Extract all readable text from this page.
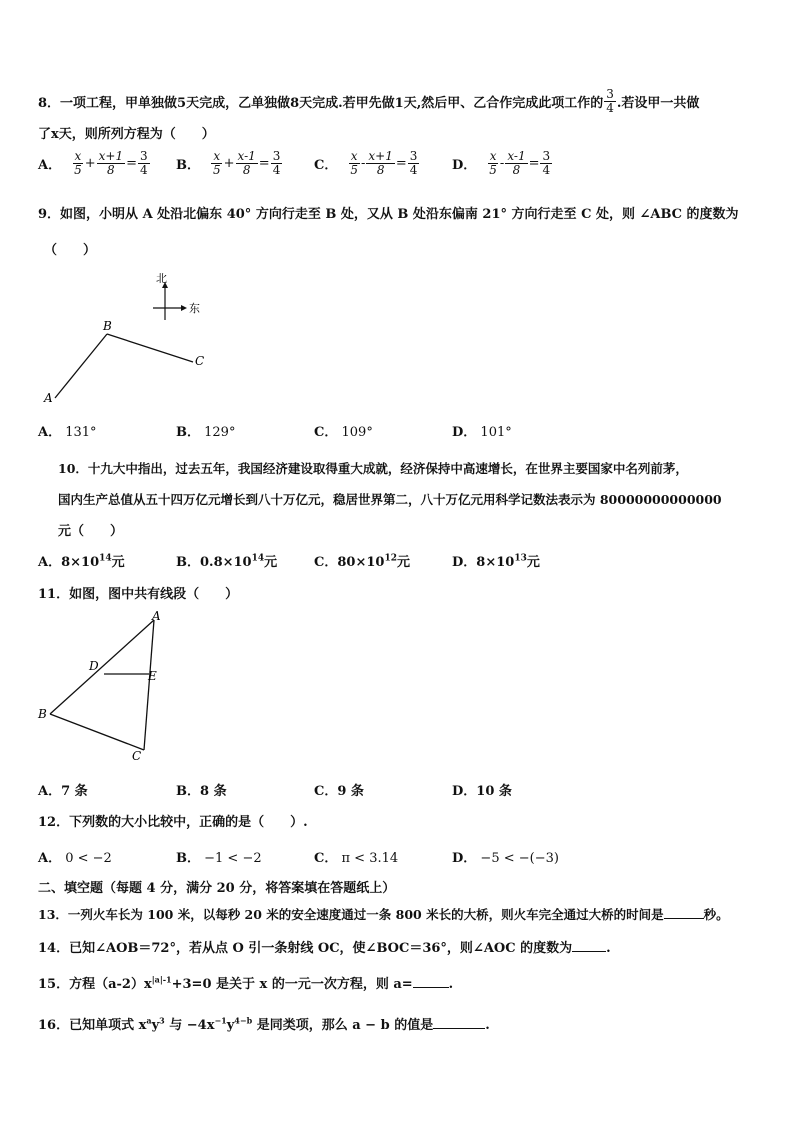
8． 一项工程，甲单独做5天完成，乙单独做8天完成.若甲先做1天,然后甲、乙合作完成此项工作的 $\frac{3}{4}$ .若设甲一共做
了x天，则所列方程为（　　）
A． $\frac{x}{5} + \frac{x+1}{8} = \frac{3}{4}$ B． $\frac{x}{5} + \frac{x-1}{8} = \frac{3}{4}$ C． $\frac{x}{5} - \frac{x+1}{8} = \frac{3}{4}$	D． $\frac{x}{5} - \frac{x-1}{8} = \frac{3}{4}$
9． 如图，小明从 A 处沿北偏东 40° 方向行走至 B 处，又从 B 处沿东偏南 21° 方向行走至 C 处，则 ∠ABC 的度数为
（　　）
北
东
A
B
C
A． 131°	B． 129°	C． 109°	D． 101°
10．十九大中指出，过去五年，我国经济建设取得重大成就，经济保持中高速增长，在世界主要国家中名列前茅，
国内生产总值从五十四万亿元增长到八十万亿元，稳居世界第二，八十万亿元用科学记数法表示为 80000000000000
元（　　）
A．$8\times 10^{14}$元	B．$0.8\times 10^{14}$元	C．$80\times 10^{12}$元	D．$8\times 10^{13}$元
11． 如图，图中共有线段（　　）
A
B
C
D
E
A．7 条	B．8 条	C．9 条	D．10 条
12． 下列数的大小比较中，正确的是（　　）.
A． 0 < −2	B． −1 < −2	C． π < 3.14	D． −5 < −(−3)
二、填空题（每题 4 分，满分 20 分，将答案填在答题纸上）
13．一列火车长为 100 米，以每秒 20 米的安全速度通过一条 800 米长的大桥，则火车完全通过大桥的时间是	秒。
14．已知∠AOB＝72°，若从点 O 引一条射线 OC，使∠BOC＝36°，则∠AOC 的度数为	.
15．方程$(a-2)x^{|a|-1}+3=0$ 是关于 x 的一元一次方程，则 a=	.
16．已知单项式 $x^ay^3$ 与 $-4x^{-1}y^{4-b}$ 是同类项，那么 a − b 的值是	.
